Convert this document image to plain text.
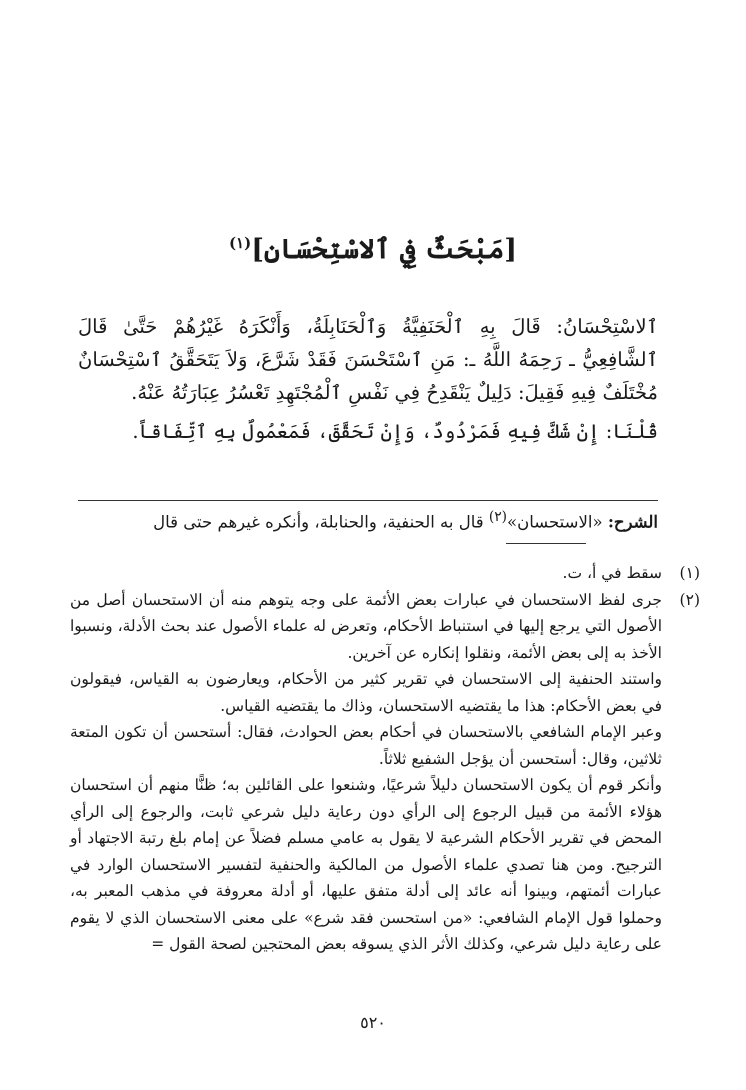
[مَبْحَثٌ فِي ٱلاسْتِحْسَانِ]$^{(١)}$

ٱلاسْتِحْسَانُ: قَالَ بِهِ ٱلْحَنَفِيَّةُ وَٱلْحَنَابِلَةُ، وَأَنْكَرَهُ غَيْرُهُمْ حَتَّىٰ قَالَ ٱلشَّافِعِيُّ ـ رَحِمَهُ اللَّهُ ـ: مَنِ ٱسْتَحْسَنَ فَقَدْ شَرَّعَ، وَلاَ يَتَحَقَّقُ ٱسْتِحْسَانٌ مُخْتَلَفٌ فِيهِ فَقِيلَ: دَلِيلٌ يَنْقَدِحُ فِي نَفْسِ ٱلْمُجْتَهِدِ تَعْسُرُ عِبَارَتُهُ عَنْهُ.

قُلْنَا: إِنْ شَكَّ فِيهِ فَمَرْدُودٌ، وَإِنْ تَحَقَّقَ، فَمَعْمُولٌ بِهِ ٱتِّفَاقاً.

الشرح: «الاستحسان»$^{(٢)}$ قال به الحنفية، والحنابلة، وأنكره غيرهم حتى قال
(١)

سقط في أ، ت.

(٢)

جرى لفظ الاستحسان في عبارات بعض الأئمة على وجه يتوهم منه أن الاستحسان أصل من الأصول التي يرجع إليها في استنباط الأحكام، وتعرض له علماء الأصول عند بحث الأدلة، ونسبوا الأخذ به إلى بعض الأئمة، ونقلوا إنكاره عن آخرين.

واستند الحنفية إلى الاستحسان في تقرير كثير من الأحكام، ويعارضون به القياس، فيقولون في بعض الأحكام: هذا ما يقتضيه الاستحسان، وذاك ما يقتضيه القياس.

وعبر الإمام الشافعي بالاستحسان في أحكام بعض الحوادث، فقال: أستحسن أن تكون المتعة ثلاثين، وقال: أستحسن أن يؤجل الشفيع ثلاثاً.

وأنكر قوم أن يكون الاستحسان دليلاً شرعيًا، وشنعوا على القائلين به؛ ظنًّا منهم أن استحسان هؤلاء الأئمة من قبيل الرجوع إلى الرأي دون رعاية دليل شرعي ثابت، والرجوع إلى الرأي المحض في تقرير الأحكام الشرعية لا يقول به عامي مسلم فضلاً عن إمام بلغ رتبة الاجتهاد أو الترجيح. ومن هنا تصدي علماء الأصول من المالكية والحنفية لتفسير الاستحسان الوارد في عبارات أئمتهم، وبينوا أنه عائد إلى أدلة متفق عليها، أو أدلة معروفة في مذهب المعبر به، وحملوا قول الإمام الشافعي: «من استحسن فقد شرع» على معنى الاستحسان الذي لا يقوم على رعاية دليل شرعي، وكذلك الأثر الذي يسوقه بعض المحتجين لصحة القول =

٥٢٠
